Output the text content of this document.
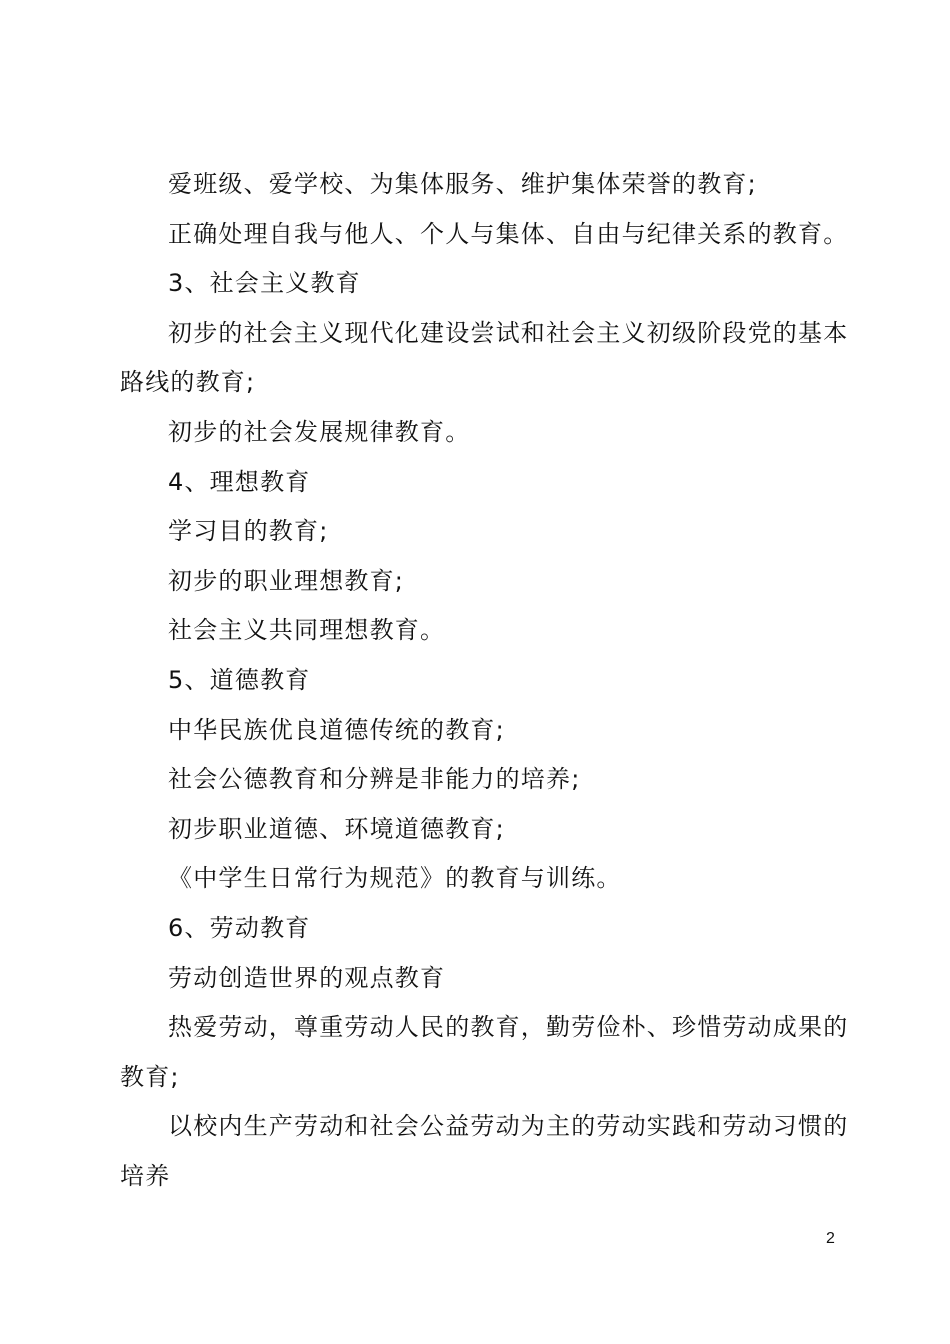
爱班级、爱学校、为集体服务、维护集体荣誉的教育;

正确处理自我与他人、个人与集体、自由与纪律关系的教育。

3、社会主义教育

初步的社会主义现代化建设尝试和社会主义初级阶段党的基本路线的教育;

初步的社会发展规律教育。

4、理想教育

学习目的教育;

初步的职业理想教育;

社会主义共同理想教育。

5、道德教育

中华民族优良道德传统的教育;

社会公德教育和分辨是非能力的培养;

初步职业道德、环境道德教育;

《中学生日常行为规范》的教育与训练。

6、劳动教育

劳动创造世界的观点教育

热爱劳动，尊重劳动人民的教育，勤劳俭朴、珍惜劳动成果的教育;

以校内生产劳动和社会公益劳动为主的劳动实践和劳动习惯的培养

2
